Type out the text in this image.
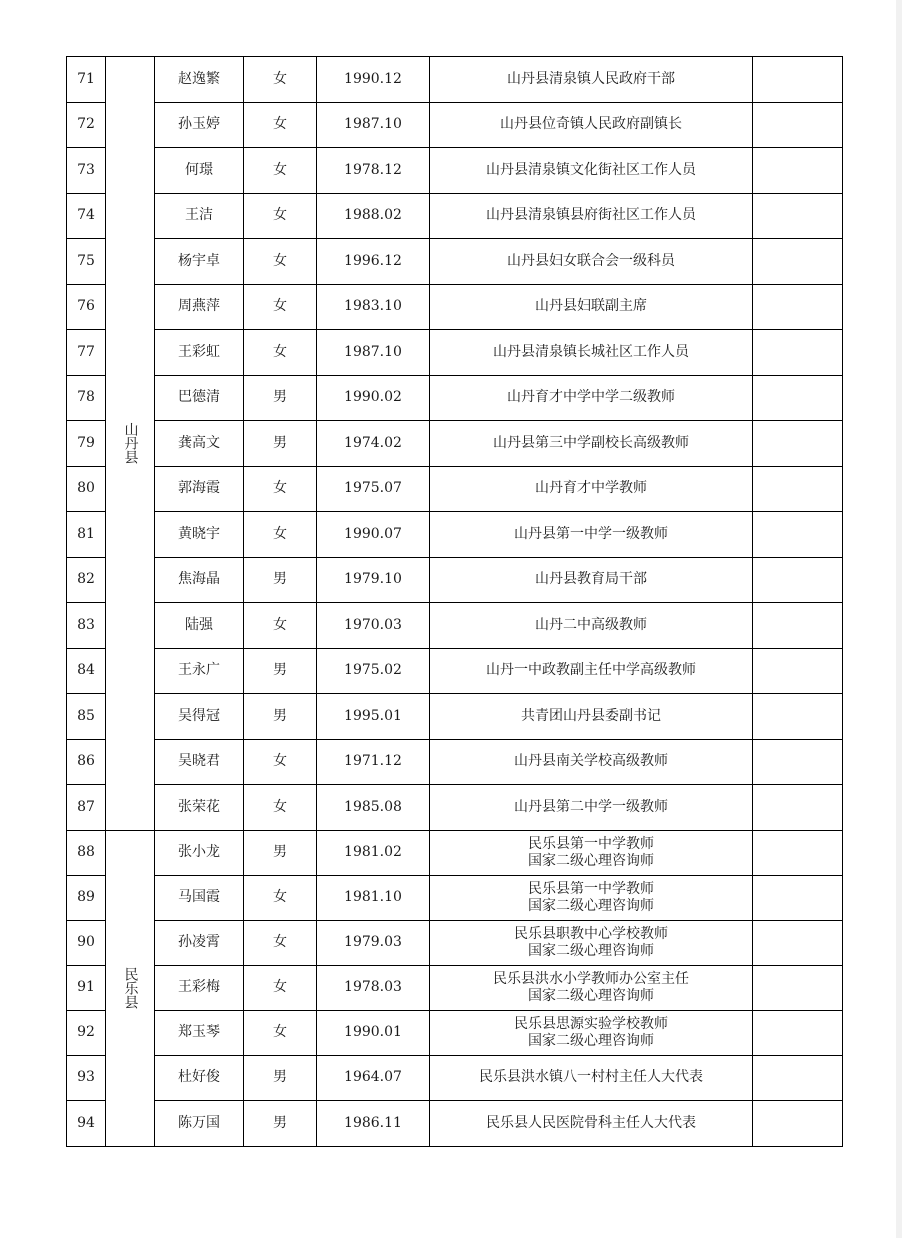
71	山丹县	赵逸繁	女	1990.12	山丹县清泉镇人民政府干部	

72		孙玉婷	女	1987.10	山丹县位奇镇人民政府副镇长	

73		何璟	女	1978.12	山丹县清泉镇文化街社区工作人员	

74		王洁	女	1988.02	山丹县清泉镇县府街社区工作人员	

75		杨宇卓	女	1996.12	山丹县妇女联合会一级科员	

76		周燕萍	女	1983.10	山丹县妇联副主席	

77		王彩虹	女	1987.10	山丹县清泉镇长城社区工作人员	

78		巴德清	男	1990.02	山丹育才中学中学二级教师	

79		龚高文	男	1974.02	山丹县第三中学副校长高级教师	

80		郭海霞	女	1975.07	山丹育才中学教师	

81		黄晓宇	女	1990.07	山丹县第一中学一级教师	

82		焦海晶	男	1979.10	山丹县教育局干部	

83		陆强	女	1970.03	山丹二中高级教师	

84		王永广	男	1975.02	山丹一中政教副主任中学高级教师	

85		吴得冠	男	1995.01	共青团山丹县委副书记	

86		吴晓君	女	1971.12	山丹县南关学校高级教师	

87		张荣花	女	1985.08	山丹县第二中学一级教师	

88	民乐县	张小龙	男	1981.02	民乐县第一中学教师
国家二级心理咨询师	

89		马国霞	女	1981.10	民乐县第一中学教师
国家二级心理咨询师	

90		孙凌霄	女	1979.03	民乐县职教中心学校教师
国家二级心理咨询师	

91		王彩梅	女	1978.03	民乐县洪水小学教师办公室主任
国家二级心理咨询师	

92		郑玉琴	女	1990.01	民乐县思源实验学校教师
国家二级心理咨询师	

93		杜好俊	男	1964.07	民乐县洪水镇八一村村主任人大代表	

94		陈万国	男	1986.11	民乐县人民医院骨科主任人大代表	
